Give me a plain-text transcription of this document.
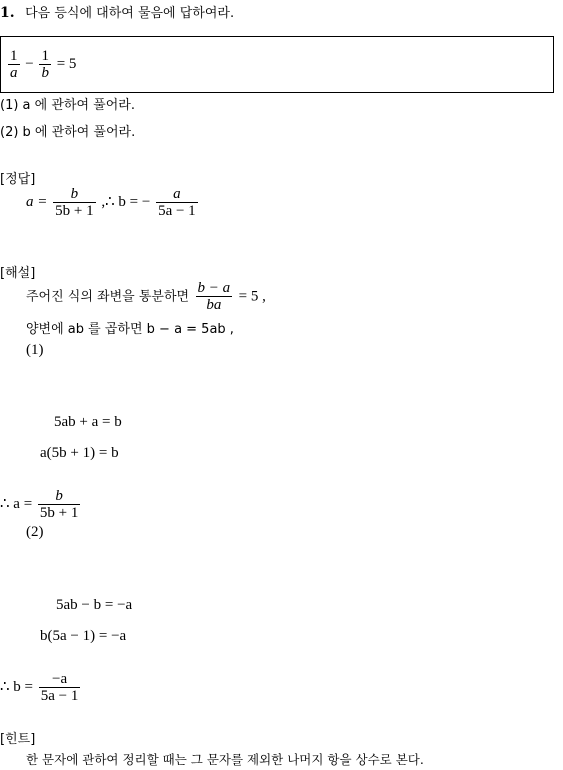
1. 다음 등식에 대하여 물음에 답하여라.
$\frac{1}{a} - \frac{1}{b} = 5$
(1) a 에 관하여 풀어라.
(2) b 에 관하여 풀어라.
[정답]
$a = \frac{b}{5b + 1}$ ,∴ b = − $\frac{a}{5a - 1}$
[해설]
주어진 식의 좌변을 통분하면 $\frac{b - a}{ba} = 5$ ,
양변에 ab 를 곱하면 b − a = 5ab ,
(1)
5ab + a = b
a(5b + 1) = b
∴ $a = \frac{b}{5b + 1}$
(2)
5ab − b = −a
b(5a − 1) = −a
∴ $b = \frac{-a}{5a - 1}$
[힌트]
한 문자에 관하여 정리할 때는 그 문자를 제외한 나머지 항을 상수로 본다.
